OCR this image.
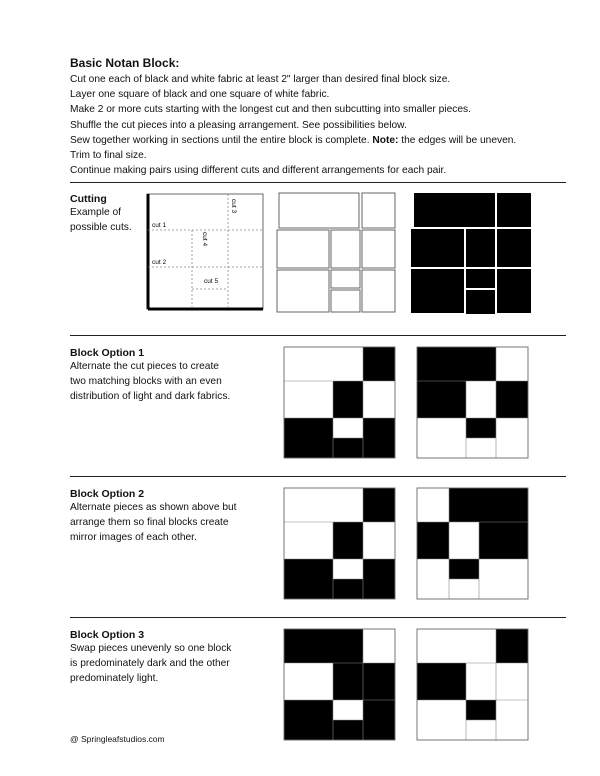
Basic Notan Block:
Cut one each of black and white fabric at least 2" larger than desired final block size.
Layer one square of black and one square of white fabric.
Make 2 or more cuts starting with the longest cut and then subcutting into smaller pieces.
Shuffle the cut pieces into a pleasing arrangement. See possibilities below.
Sew together working in sections until the entire block is complete. Note: the edges will be uneven.
Trim to final size.
Continue making pairs using different cuts and different arrangements for each pair.
Cutting
Example of
possible cuts.	cut 1
cut 2
cut 5
cut 3
cut 4
Block Option 1
Alternate the cut pieces to create
two matching blocks with an even
distribution of light and dark fabrics.
Block Option 2
Alternate pieces as shown above but
arrange them so final blocks create
mirror images of each other.
Block Option 3
Swap pieces unevenly so one block
is predominately dark and the other
predominately light.
@ Springleafstudios.com
